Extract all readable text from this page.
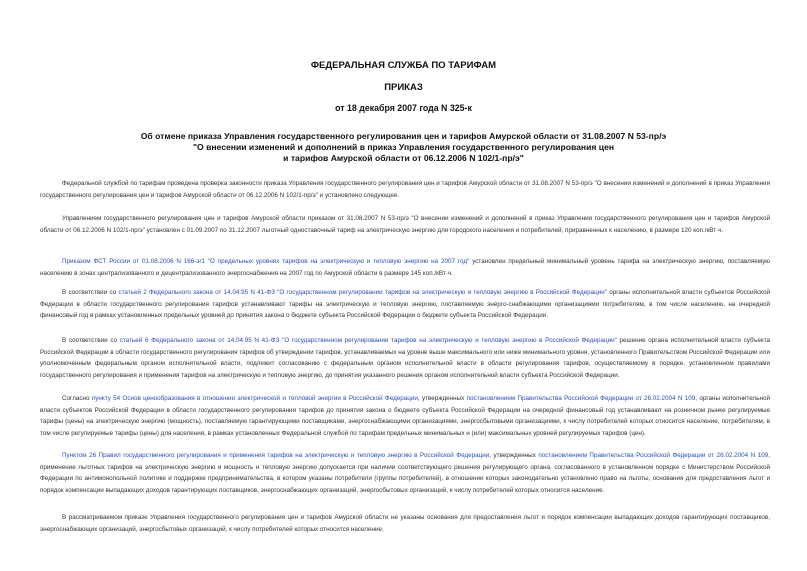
ФЕДЕРАЛЬНАЯ СЛУЖБА ПО ТАРИФАМ
ПРИКАЗ
от 18 декабря 2007 года N 325-к
Об отмене приказа Управления государственного регулирования цен и тарифов Амурской области от 31.08.2007 N 53-пр/э
"О внесении изменений и дополнений в приказ Управления государственного регулирования цен
и тарифов Амурской области от 06.12.2006 N 102/1-пр/э"

Федеральной службой по тарифам проведена проверка законности приказа Управления государственного регулирования цен и тарифов Амурской области от 31.08.2007 N 53-пр/э "О внесении изменений и дополнений в приказ Управления государственного регулирования цен и тарифов Амурской области от 06.12.2006 N 102/1-пр/э" и установлено следующее.

Управлением государственного регулирования цен и тарифов Амурской области приказом от 31.08.2007 N 53-пр/э "О внесении изменений и дополнений в приказ Управления государственного регулирования цен и тарифов Амурской области от 06.12.2006 N 102/1-пр/э" установлен с 01.09.2007 по 31.12.2007 льготный одноставочный тариф на электрическую энергию для городского населения и потребителей, приравненных к населению, в размере 120 коп./кВт·ч.

Приказом ФСТ России от 01.08.2006 N 166-э/1 "О предельных уровнях тарифов на электрическую и тепловую энергию на 2007 год" установлен предельный минимальный уровень тарифа на электрическую энергию, поставляемую населению в зонах централизованного и децентрализованного энергоснабжения на 2007 год по Амурской области в размере 145 коп./кВт·ч.

В соответствии со статьей 2 Федерального закона от 14.04.95 N 41-ФЗ "О государственном регулировании тарифов на электрическую и тепловую энергию в Российской Федерации" органы исполнительной власти субъектов Российской Федерации в области государственного регулирования тарифов устанавливают тарифы на электрическую и тепловую энергию, поставляемую энерго-снабжающими организациями потребителям, в том числе населению, на очередной финансовый год в рамках установленных предельных уровней до принятия закона о бюджете субъекта Российской Федерации о бюджете субъекта Российской Федерации.

В соответствии со статьей 6 Федерального закона от 14.04.95 N 41-ФЗ "О государственном регулировании тарифов на электрическую и тепловую энергию в Российской Федерации" решение органа исполнительной власти субъекта Российской Федерации в области государственного регулирования тарифов об утверждении тарифов, устанавливаемых на уровне выше максимального или ниже минимального уровня, установленного Правительством Российской Федерации или уполномоченным федеральным органом исполнительной власти, подлежит согласованию с федеральным органом исполнительной власти в области регулирования тарифов, осуществляемому в порядке, установленном правилами государственного регулирования и применения тарифов на электрическую и тепловую энергию, до принятия указанного решения органом исполнительной власти субъекта Российской Федерации.

Согласно пункту 54 Основ ценообразования в отношении электрической и тепловой энергии в Российской Федерации, утвержденных постановлением Правительства Российской Федерации от 26.02.2004 N 109, органы исполнительной власти субъектов Российской Федерации в области государственного регулирования тарифов до принятия закона о бюджете субъекта Российской Федерации на очередной финансовый год устанавливают на розничном рынке регулируемые тарифы (цены) на электрическую энергию (мощность), поставляемую гарантирующими поставщиками, энергоснабжающими организациями, энергосбытовыми организациями, к числу потребителей которых относится население, потребителям, в том числе регулируемые тарифы (цены) для населения, в рамках установленных Федеральной службой по тарифам предельных минимальных и (или) максимальных уровней регулируемых тарифов (цен).

Пунктом 26 Правил государственного регулирования и применения тарифов на электрическую и тепловую энергию в Российской Федерации, утвержденных постановлением Правительства Российской Федерации от 26.02.2004 N 109, применение льготных тарифов на электрическую энергию и мощность и тепловую энергию допускается при наличии соответствующего решения регулирующего органа, согласованного в установленном порядке с Министерством Российской Федерации по антимонопольной политике и поддержке предпринимательства, в котором указаны потребители (группы потребителей), в отношении которых законодательно установлено право на льготы, основания для предоставления льгот и порядок компенсации выпадающих доходов гарантирующих поставщиков, энергоснабжающих организаций, энергосбытовых организаций, к числу потребителей которых относится население.

В рассматриваемом приказе Управления государственного регулирования цен и тарифов Амурской области не указаны основания для предоставления льгот и порядок компенсации выпадающих доходов гарантирующих поставщиков, энергоснабжающих организаций, энергосбытовых организаций, к числу потребителей которых относится население.
